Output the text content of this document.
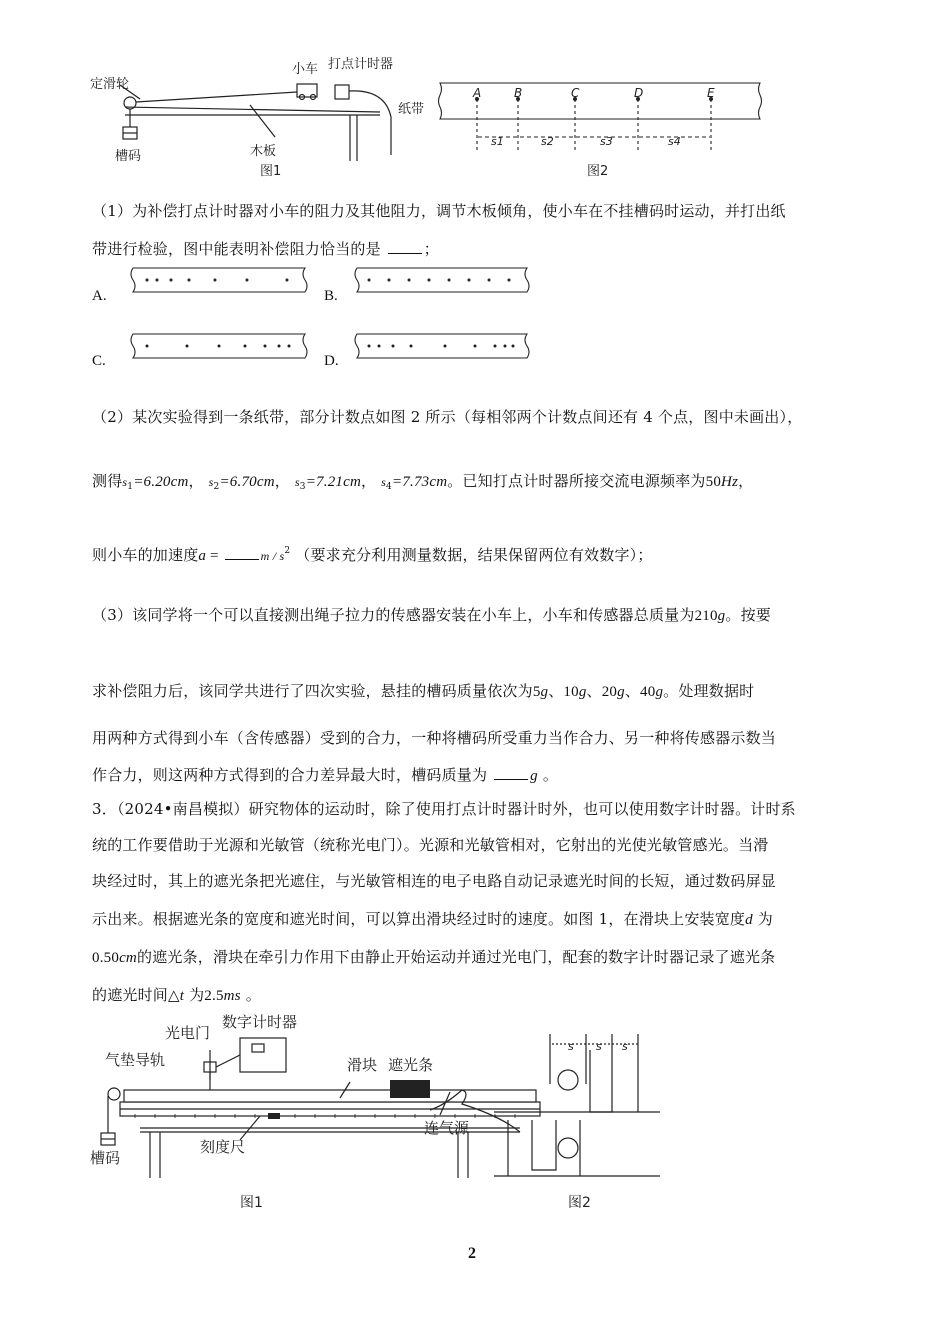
定滑轮
小车 打点计时器
槽码	木板
纸带
图1
A	B	C	D	E
s1	s2	s3	s4
图2
（1）为补偿打点计时器对小车的阻力及其他阻力，调节木板倾角，使小车在不挂槽码时运动，并打出纸
带进行检验，图中能表明补偿阻力恰当的是	；
A.	B.
C.	D.
（2）某次实验得到一条纸带，部分计数点如图 2 所示（每相邻两个计数点间还有 4 个点，图中未画出），
测得$s_1=6.20cm$， $s_2=6.70cm$， $s_3=7.21cm$， $s_4=7.73cm$。已知打点计时器所接交流电源频率为50Hz，
则小车的加速度a =	m / $s^2$ （要求充分利用测量数据，结果保留两位有效数字）；
（3）该同学将一个可以直接测出绳子拉力的传感器安装在小车上，小车和传感器总质量为210g。按要
求补偿阻力后，该同学共进行了四次实验，悬挂的槽码质量依次为5g、10g、20g、40g。处理数据时
用两种方式得到小车（含传感器）受到的合力，一种将槽码所受重力当作合力、另一种将传感器示数当
作合力，则这两种方式得到的合力差异最大时，槽码质量为	g 。
3．（2024•南昌模拟）研究物体的运动时，除了使用打点计时器计时外，也可以使用数字计时器。计时系
统的工作要借助于光源和光敏管（统称光电门）。光源和光敏管相对，它射出的光使光敏管感光。当滑
块经过时，其上的遮光条把光遮住，与光敏管相连的电子电路自动记录遮光时间的长短，通过数码屏显
示出来。根据遮光条的宽度和遮光时间，可以算出滑块经过时的速度。如图 1，在滑块上安装宽度d 为
0.50cm的遮光条，滑块在牵引力作用下由静止开始运动并通过光电门，配套的数字计时器记录了遮光条
的遮光时间△t 为2.5ms 。
光电门
数字计时器
气垫导轨	滑块 遮光条
槽码
刻度尺
连气源
图1
s s s
图2
2
